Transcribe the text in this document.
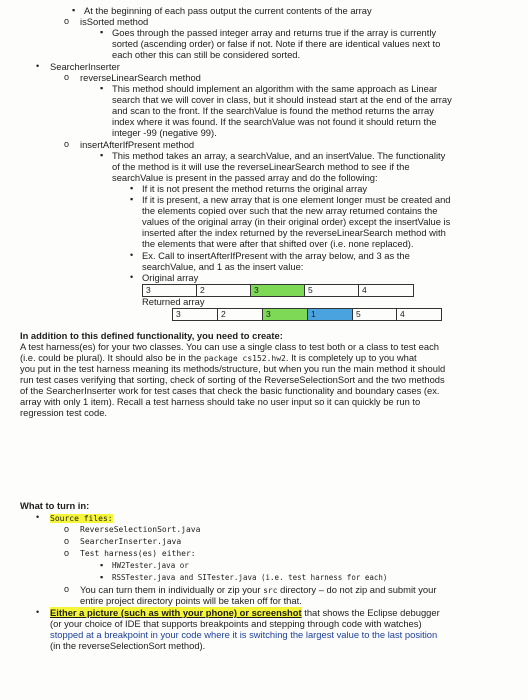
▪ At the beginning of each pass output the current contents of the array
o isSorted method
▪ Goes through the passed integer array and returns true if the array is currently
sorted (ascending order) or false if not. Note if there are identical values next to
each other this can still be considered sorted.
• SearcherInserter
o reverseLinearSearch method
▪ This method should implement an algorithm with the same approach as Linear
search that we will cover in class, but it should instead start at the end of the array
and scan to the front. If the searchValue is found the method returns the array
index where it was found. If the searchValue was not found it should return the
integer -99 (negative 99).
o insertAfterIfPresent method
▪ This method takes an array, a searchValue, and an insertValue. The functionality
of the method is it will use the reverseLinearSearch method to see if the
searchValue is present in the passed array and do the following:
▪ If it is not present the method returns the original array
▪ If it is present, a new array that is one element longer must be created and
the elements copied over such that the new array returned contains the
values of the original array (in their original order) except the insertValue is
inserted after the index returned by the reverseLinearSearch method with
the elements that were after that shifted over (i.e. none replaced).
• Ex. Call to insertAfterIfPresent with the array below, and 3 as the
searchValue, and 1 as the insert value:
• Original array
3	2	3	5	4
Returned array
3	2	3	1	5	4
In addition to this defined functionality, you need to create:
A test harness(es) for your two classes. You can use a single class to test both or a class to test each
(i.e. could be plural). It should also be in the package cs152.hw2. It is completely up to you what
you put in the test harness meaning its methods/structure, but when you run the main method it should
run test cases verifying that sorting, check of sorting of the ReverseSelectionSort and the two methods
of the SearcherInserter work for test cases that check the basic functionality and boundary cases (ex.
array with only 1 item). Recall a test harness should take no user input so it can quickly be run to
regression test code.
What to turn in:
• Source files:
o ReverseSelectionSort.java
o SearcherInserter.java
o Test harness(es) either:
▪ HW2Tester.java or
▪ RSSTester.java and SITester.java (i.e. test harness for each)
o You can turn them in individually or zip your src directory – do not zip and submit your
entire project directory points will be taken off for that.
• Either a picture (such as with your phone) or screenshot that shows the Eclipse debugger
(or your choice of IDE that supports breakpoints and stepping through code with watches)
stopped at a breakpoint in your code where it is switching the largest value to the last position
(in the reverseSelectionSort method).
